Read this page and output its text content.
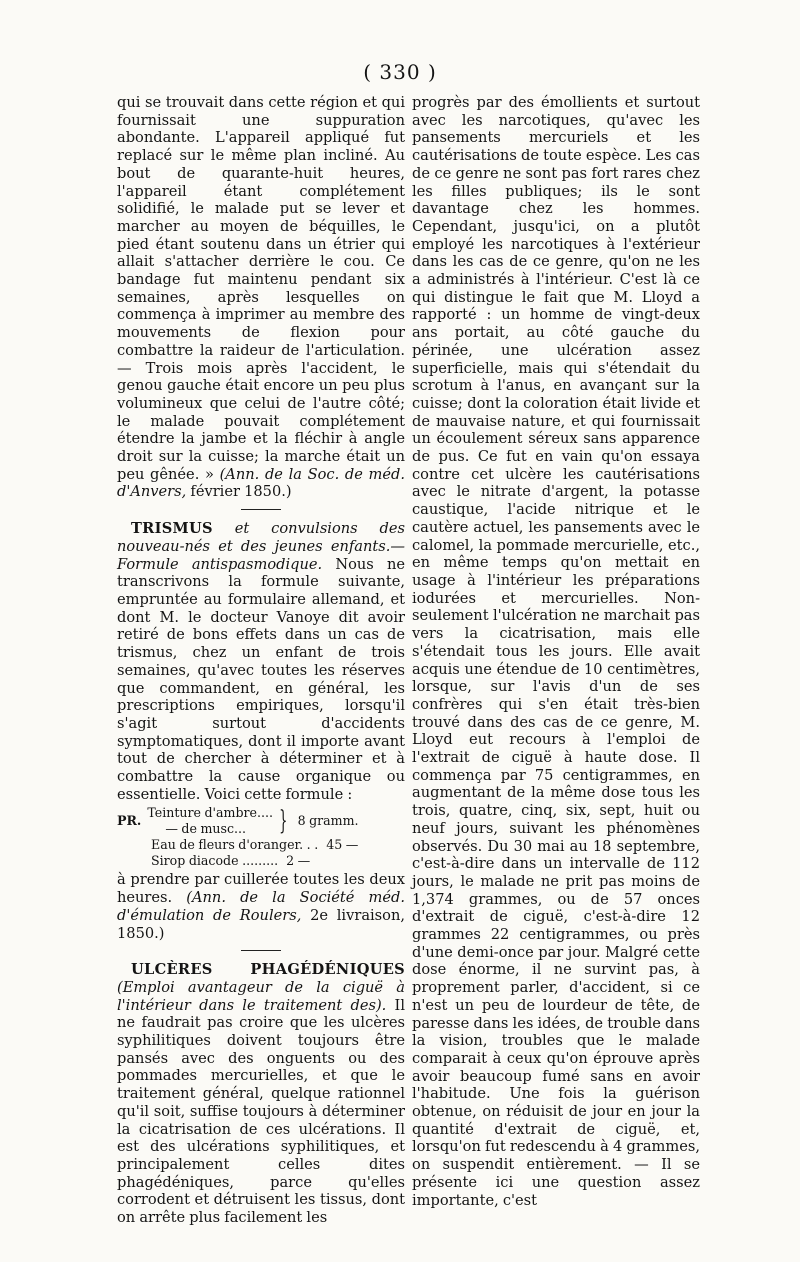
( 330 )

qui se trouvait dans cette région et qui fournissait une suppuration abondante. L'appareil appliqué fut replacé sur le même plan incliné. Au bout de quarante-huit heures, l'appareil étant complétement solidifié, le malade put se lever et marcher au moyen de béquilles, le pied étant soutenu dans un étrier qui allait s'attacher derrière le cou. Ce bandage fut maintenu pendant six semaines, après lesquelles on commença à imprimer au membre des mouvements de flexion pour combattre la raideur de l'articulation. — Trois mois après l'accident, le genou gauche était encore un peu plus volumineux que celui de l'autre côté; le malade pouvait complétement étendre la jambe et la fléchir à angle droit sur la cuisse; la marche était un peu gênée. » (Ann. de la Soc. de méd. d'Anvers, février 1850.)

TRISMUS et convulsions des nouveau-nés et des jeunes enfants.—Formule antispasmodique. Nous ne transcrivons la formule suivante, empruntée au formulaire allemand, et dont M. le docteur Vanoye dit avoir retiré de bons effets dans un cas de trismus, chez un enfant de trois semaines, qu'avec toutes les réserves que commandent, en général, les prescriptions empiriques, lorsqu'il s'agit surtout d'accidents symptomatiques, dont il importe avant tout de chercher à déterminer et à combattre la cause organique ou essentielle. Voici cette formule :

PR.
Teinture d'ambre....
— de musc...	} 8 gramm.
Eau de fleurs d'oranger. . . 45 —
Sirop diacode ......... 2 —

à prendre par cuillerée toutes les deux heures. (Ann. de la Société méd. d'émulation de Roulers, 2e livraison, 1850.)

ULCÈRES PHAGÉDÉNIQUES (Emploi avantageur de la ciguë à l'intérieur dans le traitement des). Il ne faudrait pas croire que les ulcères syphilitiques doivent toujours être pansés avec des onguents ou des pommades mercurielles, et que le traitement général, quelque rationnel qu'il soit, suffise toujours à déterminer la cicatrisation de ces ulcérations. Il est des ulcérations syphilitiques, et principalement celles dites phagédéniques, parce qu'elles corrodent et détruisent les tissus, dont on arrête plus facilement les

progrès par des émollients et surtout avec les narcotiques, qu'avec les pansements mercuriels et les cautérisations de toute espèce. Les cas de ce genre ne sont pas fort rares chez les filles publiques; ils le sont davantage chez les hommes. Cependant, jusqu'ici, on a plutôt employé les narcotiques à l'extérieur dans les cas de ce genre, qu'on ne les a administrés à l'intérieur. C'est là ce qui distingue le fait que M. Lloyd a rapporté : un homme de vingt-deux ans portait, au côté gauche du périnée, une ulcération assez superficielle, mais qui s'étendait du scrotum à l'anus, en avançant sur la cuisse; dont la coloration était livide et de mauvaise nature, et qui fournissait un écoulement séreux sans apparence de pus. Ce fut en vain qu'on essaya contre cet ulcère les cautérisations avec le nitrate d'argent, la potasse caustique, l'acide nitrique et le cautère actuel, les pansements avec le calomel, la pommade mercurielle, etc., en même temps qu'on mettait en usage à l'intérieur les préparations iodurées et mercurielles. Non-seulement l'ulcération ne marchait pas vers la cicatrisation, mais elle s'étendait tous les jours. Elle avait acquis une étendue de 10 centimètres, lorsque, sur l'avis d'un de ses confrères qui s'en était très-bien trouvé dans des cas de ce genre, M. Lloyd eut recours à l'emploi de l'extrait de ciguë à haute dose. Il commença par 75 centigrammes, en augmentant de la même dose tous les trois, quatre, cinq, six, sept, huit ou neuf jours, suivant les phénomènes observés. Du 30 mai au 18 septembre, c'est-à-dire dans un intervalle de 112 jours, le malade ne prit pas moins de 1,374 grammes, ou de 57 onces d'extrait de ciguë, c'est-à-dire 12 grammes 22 centigrammes, ou près d'une demi-once par jour. Malgré cette dose énorme, il ne survint pas, à proprement parler, d'accident, si ce n'est un peu de lourdeur de tête, de paresse dans les idées, de trouble dans la vision, troubles que le malade comparait à ceux qu'on éprouve après avoir beaucoup fumé sans en avoir l'habitude. Une fois la guérison obtenue, on réduisit de jour en jour la quantité d'extrait de ciguë, et, lorsqu'on fut redescendu à 4 grammes, on suspendit entièrement. — Il se présente ici une question assez importante, c'est
